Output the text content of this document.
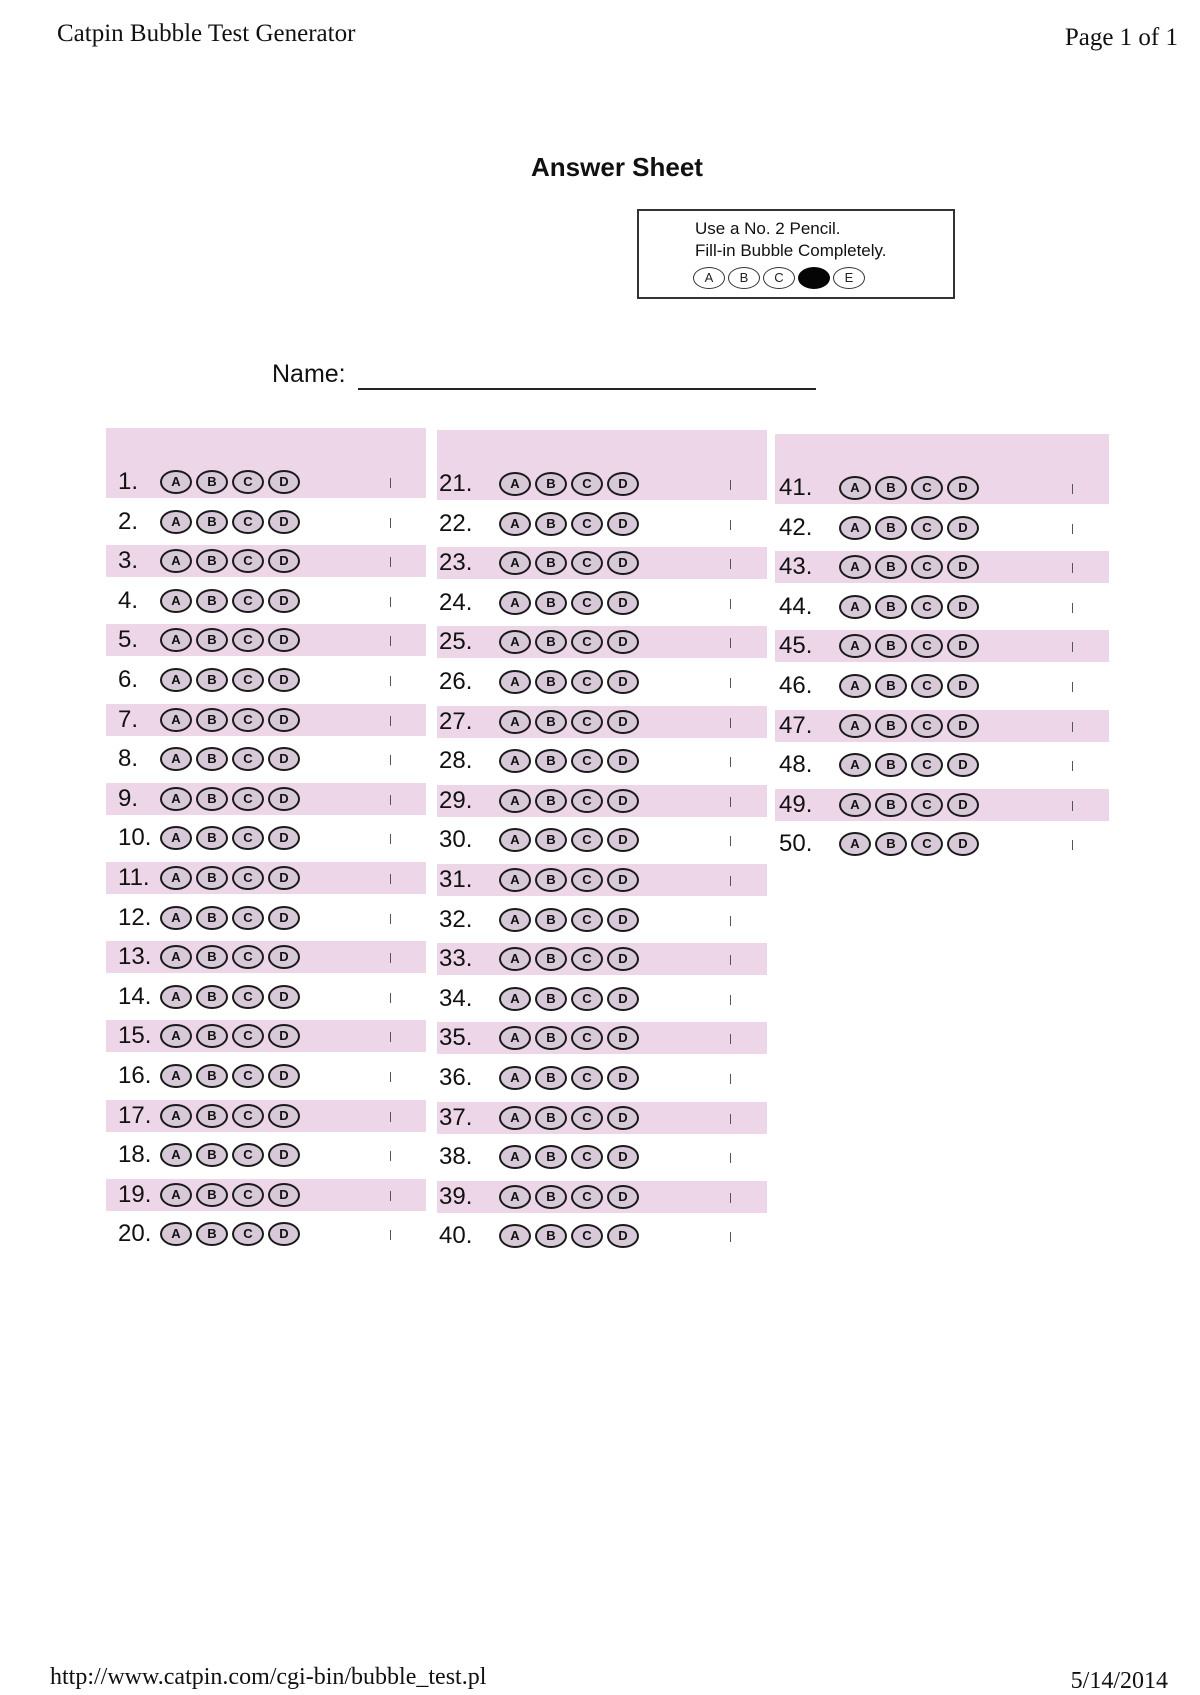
Catpin Bubble Test Generator	Page 1 of 1
Answer Sheet
Use a No. 2 Pencil.
Fill-in Bubble Completely.
A	B	C	E
Name:
1.	A	B	C	D
2.	A	B	C	D
3.	A	B	C	D
4.	A	B	C	D
5.	A	B	C	D
6.	A	B	C	D
7.	A	B	C	D
8.	A	B	C	D
9.	A	B	C	D
10.	A	B	C	D
11.	A	B	C	D
12.	A	B	C	D
13.	A	B	C	D
14.	A	B	C	D
15.	A	B	C	D
16.	A	B	C	D
17.	A	B	C	D
18.	A	B	C	D
19.	A	B	C	D
20.	A	B	C	D
21.	A	B	C	D
22.	A	B	C	D
23.	A	B	C	D
24.	A	B	C	D
25.	A	B	C	D
26.	A	B	C	D
27.	A	B	C	D
28.	A	B	C	D
29.	A	B	C	D
30.	A	B	C	D
31.	A	B	C	D
32.	A	B	C	D
33.	A	B	C	D
34.	A	B	C	D
35.	A	B	C	D
36.	A	B	C	D
37.	A	B	C	D
38.	A	B	C	D
39.	A	B	C	D
40.	A	B	C	D
41.	A	B	C	D
42.	A	B	C	D
43.	A	B	C	D
44.	A	B	C	D
45.	A	B	C	D
46.	A	B	C	D
47.	A	B	C	D
48.	A	B	C	D
49.	A	B	C	D
50.	A	B	C	D
http://www.catpin.com/cgi-bin/bubble_test.pl	5/14/2014
